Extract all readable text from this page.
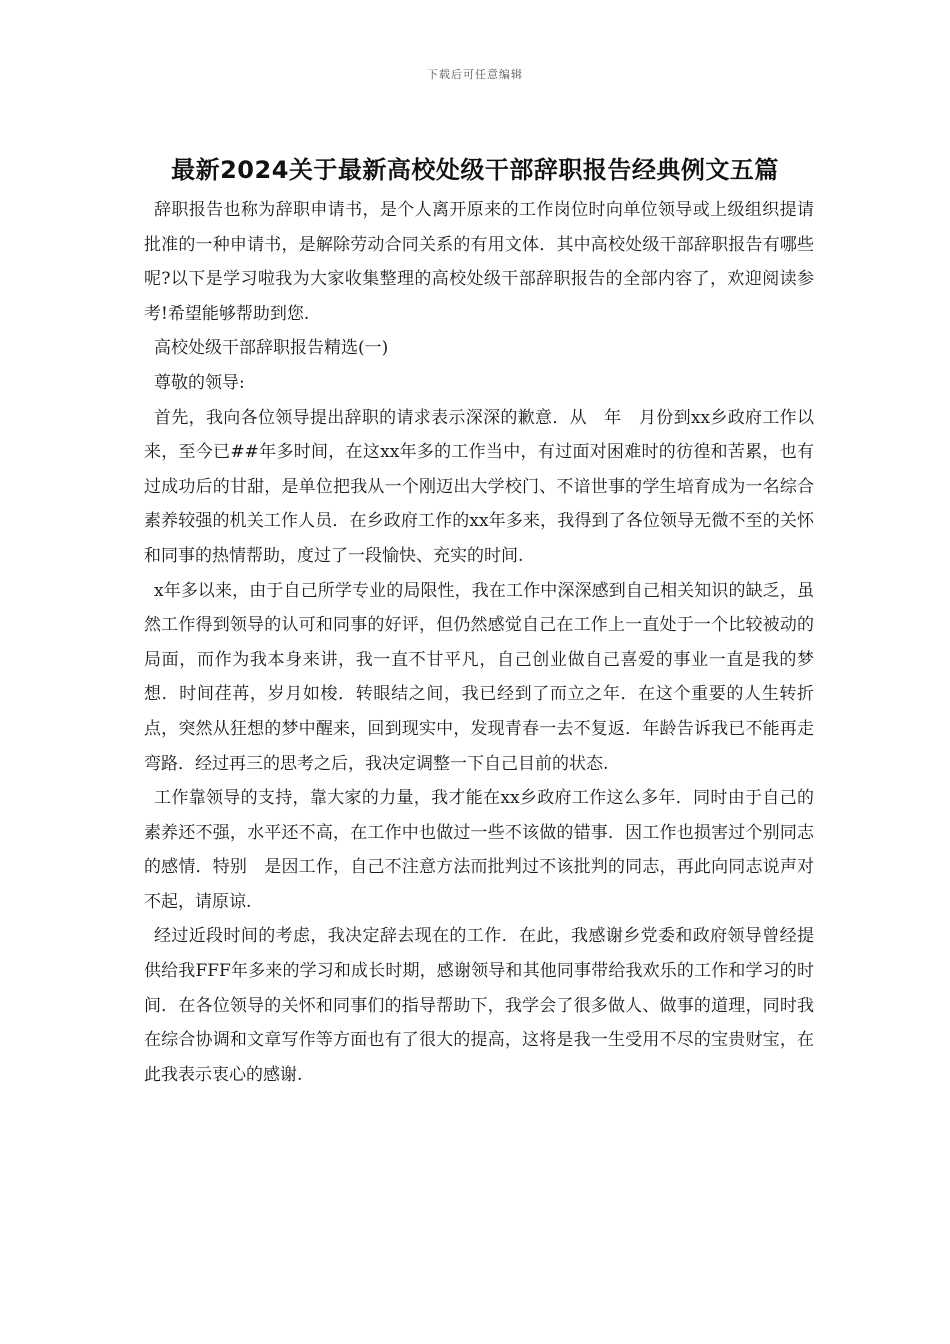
下载后可任意编辑
最新2024关于最新高校处级干部辞职报告经典例文五篇

辞职报告也称为辞职申请书，是个人离开原来的工作岗位时向单位领导或上级组织提请批准的一种申请书，是解除劳动合同关系的有用文体．其中高校处级干部辞职报告有哪些呢?以下是学习啦我为大家收集整理的高校处级干部辞职报告的全部内容了，欢迎阅读参考!希望能够帮助到您.

高校处级干部辞职报告精选(一)

尊敬的领导:

首先，我向各位领导提出辞职的请求表示深深的歉意．从　年　月份到xx乡政府工作以来，至今已##年多时间，在这xx年多的工作当中，有过面对困难时的彷徨和苦累，也有过成功后的甘甜，是单位把我从一个刚迈出大学校门、不谙世事的学生培育成为一名综合素养较强的机关工作人员．在乡政府工作的xx年多来，我得到了各位领导无微不至的关怀和同事的热情帮助，度过了一段愉快、充实的时间.

x年多以来，由于自己所学专业的局限性，我在工作中深深感到自己相关知识的缺乏，虽然工作得到领导的认可和同事的好评，但仍然感觉自己在工作上一直处于一个比较被动的局面，而作为我本身来讲，我一直不甘平凡，自己创业做自己喜爱的事业一直是我的梦想．时间荏苒，岁月如梭．转眼结之间，我已经到了而立之年．在这个重要的人生转折点，突然从狂想的梦中醒来，回到现实中，发现青春一去不复返．年龄告诉我已不能再走弯路．经过再三的思考之后，我决定调整一下自己目前的状态.

工作靠领导的支持，靠大家的力量，我才能在xx乡政府工作这么多年．同时由于自己的素养还不强，水平还不高，在工作中也做过一些不该做的错事．因工作也损害过个别同志的感情．特别　是因工作，自己不注意方法而批判过不该批判的同志，再此向同志说声对不起，请原谅.

经过近段时间的考虑，我决定辞去现在的工作．在此，我感谢乡党委和政府领导曾经提供给我FFF年多来的学习和成长时期，感谢领导和其他同事带给我欢乐的工作和学习的时间．在各位领导的关怀和同事们的指导帮助下，我学会了很多做人、做事的道理，同时我在综合协调和文章写作等方面也有了很大的提高，这将是我一生受用不尽的宝贵财宝，在此我表示衷心的感谢.
